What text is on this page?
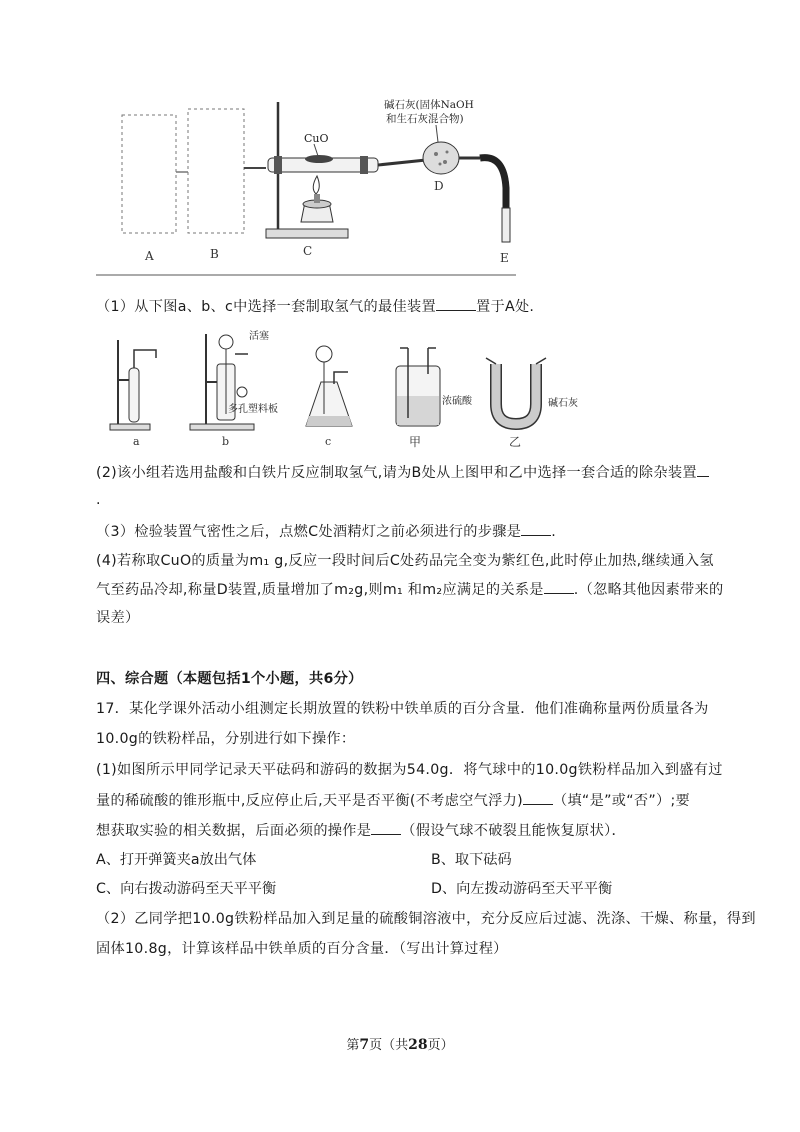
CuO
碱石灰(固体NaOH
和生石灰混合物)
A	B	C
D
E
（1）从下图a、b、c中选择一套制取氢气的最佳装置	置于A处.
a
活塞
多孔塑料板
b	c
浓硫酸
甲
碱石灰
乙
(2)该小组若选用盐酸和白铁片反应制取氢气,请为B处从上图甲和乙中选择一套合适的除杂装置
.
（3）检验装置气密性之后，点燃C处酒精灯之前必须进行的步骤是 .
(4)若称取CuO的质量为m₁ g,反应一段时间后C处药品完全变为紫红色,此时停止加热,继续通入氢
气至药品冷却,称量D装置,质量增加了m₂g,则m₁ 和m₂应满足的关系是 .（忽略其他因素带来的
误差）
四、综合题（本题包括1个小题，共6分）
17．某化学课外活动小组测定长期放置的铁粉中铁单质的百分含量．他们准确称量两份质量各为
10.0g的铁粉样品，分别进行如下操作：
(1)如图所示甲同学记录天平砝码和游码的数据为54.0g．将气球中的10.0g铁粉样品加入到盛有过
量的稀硫酸的锥形瓶中,反应停止后,天平是否平衡(不考虑空气浮力) （填“是”或“否”）;要
想获取实验的相关数据，后面必须的操作是 （假设气球不破裂且能恢复原状）．
A、打开弹簧夹a放出气体	B、取下砝码
C、向右拨动游码至天平平衡	D、向左拨动游码至天平平衡
（2）乙同学把10.0g铁粉样品加入到足量的硫酸铜溶液中，充分反应后过滤、洗涤、干燥、称量，得到
固体10.8g，计算该样品中铁单质的百分含量．（写出计算过程）
第7页（共28页）
